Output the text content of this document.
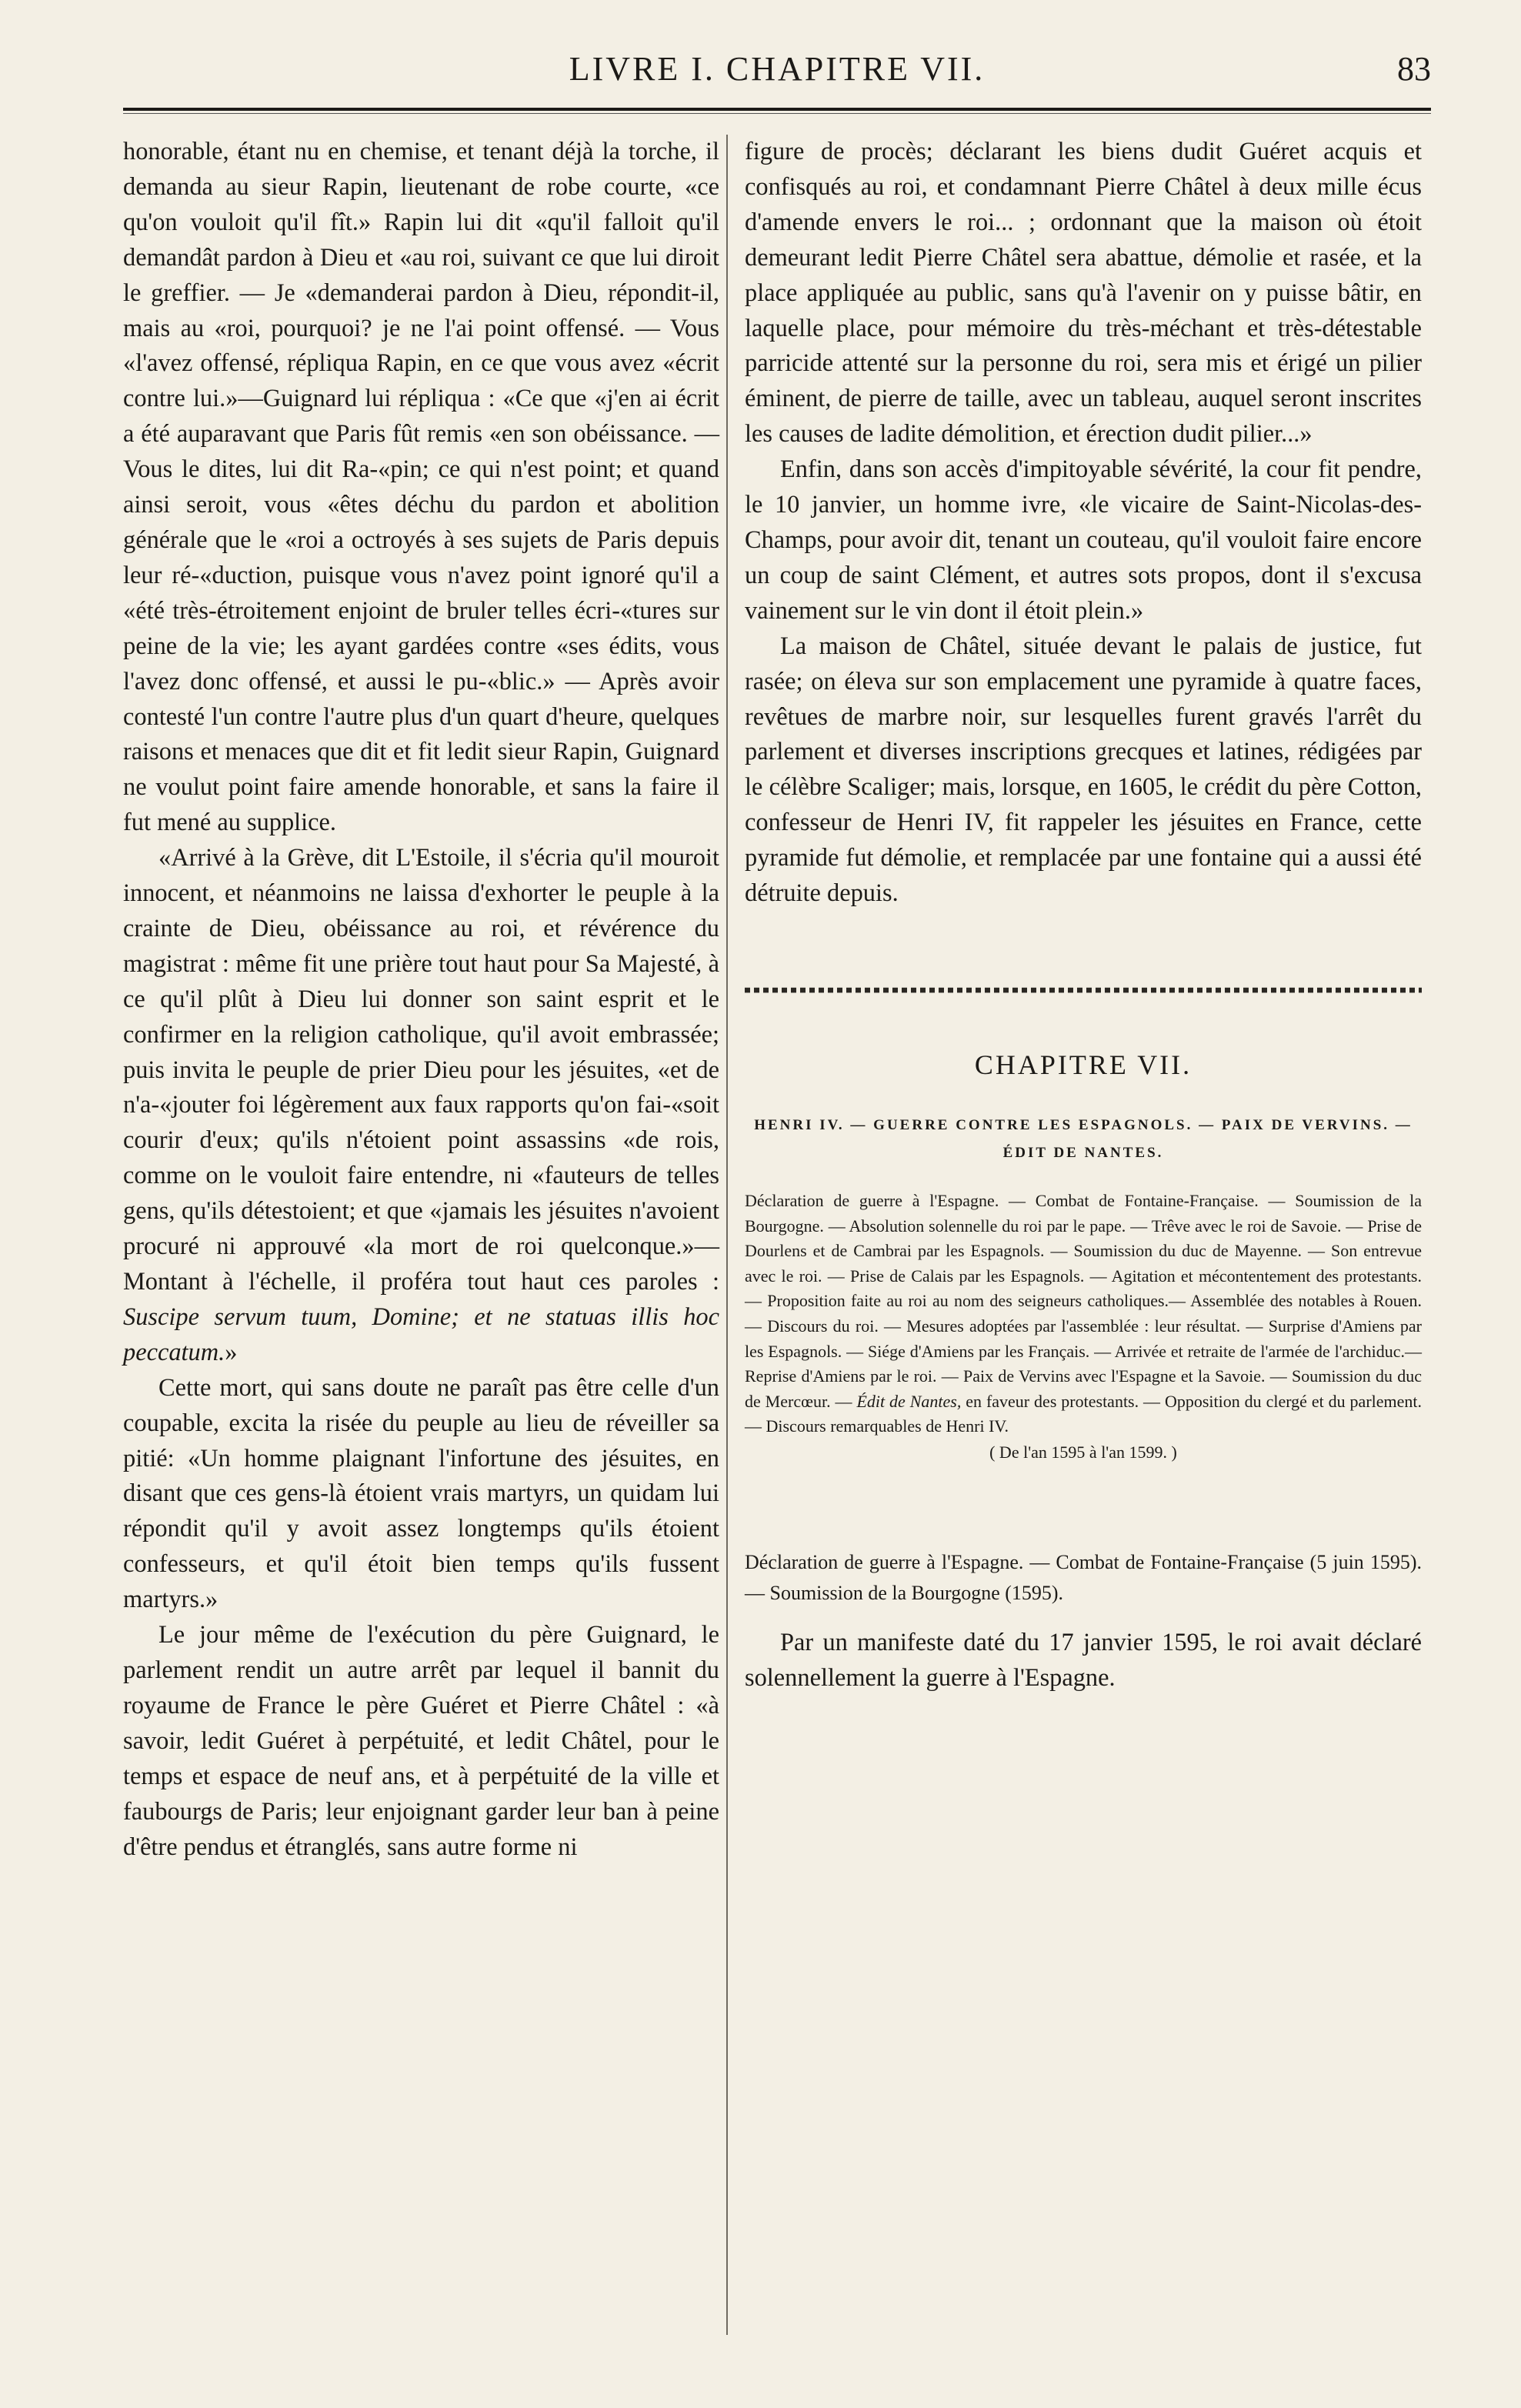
LIVRE I. CHAPITRE VII.	83

honorable, étant nu en chemise, et tenant déjà la torche, il demanda au sieur Rapin, lieutenant de robe courte, «ce qu'on vouloit qu'il fît.» Rapin lui dit «qu'il falloit qu'il demandât pardon à Dieu et «au roi, suivant ce que lui diroit le greffier. — Je «demanderai pardon à Dieu, répondit-il, mais au «roi, pourquoi? je ne l'ai point offensé. — Vous «l'avez offensé, répliqua Rapin, en ce que vous avez «écrit contre lui.»—Guignard lui répliqua : «Ce que «j'en ai écrit a été auparavant que Paris fût remis «en son obéissance. — Vous le dites, lui dit Ra-«pin; ce qui n'est point; et quand ainsi seroit, vous «êtes déchu du pardon et abolition générale que le «roi a octroyés à ses sujets de Paris depuis leur ré-«duction, puisque vous n'avez point ignoré qu'il a «été très-étroitement enjoint de bruler telles écri-«tures sur peine de la vie; les ayant gardées contre «ses édits, vous l'avez donc offensé, et aussi le pu-«blic.» — Après avoir contesté l'un contre l'autre plus d'un quart d'heure, quelques raisons et menaces que dit et fit ledit sieur Rapin, Guignard ne voulut point faire amende honorable, et sans la faire il fut mené au supplice.

«Arrivé à la Grève, dit L'Estoile, il s'écria qu'il mouroit innocent, et néanmoins ne laissa d'exhorter le peuple à la crainte de Dieu, obéissance au roi, et révérence du magistrat : même fit une prière tout haut pour Sa Majesté, à ce qu'il plût à Dieu lui donner son saint esprit et le confirmer en la religion catholique, qu'il avoit embrassée; puis invita le peuple de prier Dieu pour les jésuites, «et de n'a-«jouter foi légèrement aux faux rapports qu'on fai-«soit courir d'eux; qu'ils n'étoient point assassins «de rois, comme on le vouloit faire entendre, ni «fauteurs de telles gens, qu'ils détestoient; et que «jamais les jésuites n'avoient procuré ni approuvé «la mort de roi quelconque.»—Montant à l'échelle, il proféra tout haut ces paroles : Suscipe servum tuum, Domine; et ne statuas illis hoc peccatum.»

Cette mort, qui sans doute ne paraît pas être celle d'un coupable, excita la risée du peuple au lieu de réveiller sa pitié: «Un homme plaignant l'infortune des jésuites, en disant que ces gens-là étoient vrais martyrs, un quidam lui répondit qu'il y avoit assez longtemps qu'ils étoient confesseurs, et qu'il étoit bien temps qu'ils fussent martyrs.»

Le jour même de l'exécution du père Guignard, le parlement rendit un autre arrêt par lequel il bannit du royaume de France le père Guéret et Pierre Châtel : «à savoir, ledit Guéret à perpétuité, et ledit Châtel, pour le temps et espace de neuf ans, et à perpétuité de la ville et faubourgs de Paris; leur enjoignant garder leur ban à peine d'être pendus et étranglés, sans autre forme ni

figure de procès; déclarant les biens dudit Guéret acquis et confisqués au roi, et condamnant Pierre Châtel à deux mille écus d'amende envers le roi... ; ordonnant que la maison où étoit demeurant ledit Pierre Châtel sera abattue, démolie et rasée, et la place appliquée au public, sans qu'à l'avenir on y puisse bâtir, en laquelle place, pour mémoire du très-méchant et très-détestable parricide attenté sur la personne du roi, sera mis et érigé un pilier éminent, de pierre de taille, avec un tableau, auquel seront inscrites les causes de ladite démolition, et érection dudit pilier...»

Enfin, dans son accès d'impitoyable sévérité, la cour fit pendre, le 10 janvier, un homme ivre, «le vicaire de Saint-Nicolas-des-Champs, pour avoir dit, tenant un couteau, qu'il vouloit faire encore un coup de saint Clément, et autres sots propos, dont il s'excusa vainement sur le vin dont il étoit plein.»

La maison de Châtel, située devant le palais de justice, fut rasée; on éleva sur son emplacement une pyramide à quatre faces, revêtues de marbre noir, sur lesquelles furent gravés l'arrêt du parlement et diverses inscriptions grecques et latines, rédigées par le célèbre Scaliger; mais, lorsque, en 1605, le crédit du père Cotton, confesseur de Henri IV, fit rappeler les jésuites en France, cette pyramide fut démolie, et remplacée par une fontaine qui a aussi été détruite depuis.

CHAPITRE VII.
HENRI IV. — GUERRE CONTRE LES ESPAGNOLS. — PAIX DE VERVINS. — ÉDIT DE NANTES.
Déclaration de guerre à l'Espagne. — Combat de Fontaine-Française. — Soumission de la Bourgogne. — Absolution solennelle du roi par le pape. — Trêve avec le roi de Savoie. — Prise de Dourlens et de Cambrai par les Espagnols. — Soumission du duc de Mayenne. — Son entrevue avec le roi. — Prise de Calais par les Espagnols. — Agitation et mécontentement des protestants. — Proposition faite au roi au nom des seigneurs catholiques.— Assemblée des notables à Rouen. — Discours du roi. — Mesures adoptées par l'assemblée : leur résultat. — Surprise d'Amiens par les Espagnols. — Siége d'Amiens par les Français. — Arrivée et retraite de l'armée de l'archiduc.— Reprise d'Amiens par le roi. — Paix de Vervins avec l'Espagne et la Savoie. — Soumission du duc de Mercœur. — Édit de Nantes, en faveur des protestants. — Opposition du clergé et du parlement. — Discours remarquables de Henri IV.
( De l'an 1595 à l'an 1599. )
Déclaration de guerre à l'Espagne. — Combat de Fontaine-Française (5 juin 1595). — Soumission de la Bourgogne (1595).

Par un manifeste daté du 17 janvier 1595, le roi avait déclaré solennellement la guerre à l'Espagne.
